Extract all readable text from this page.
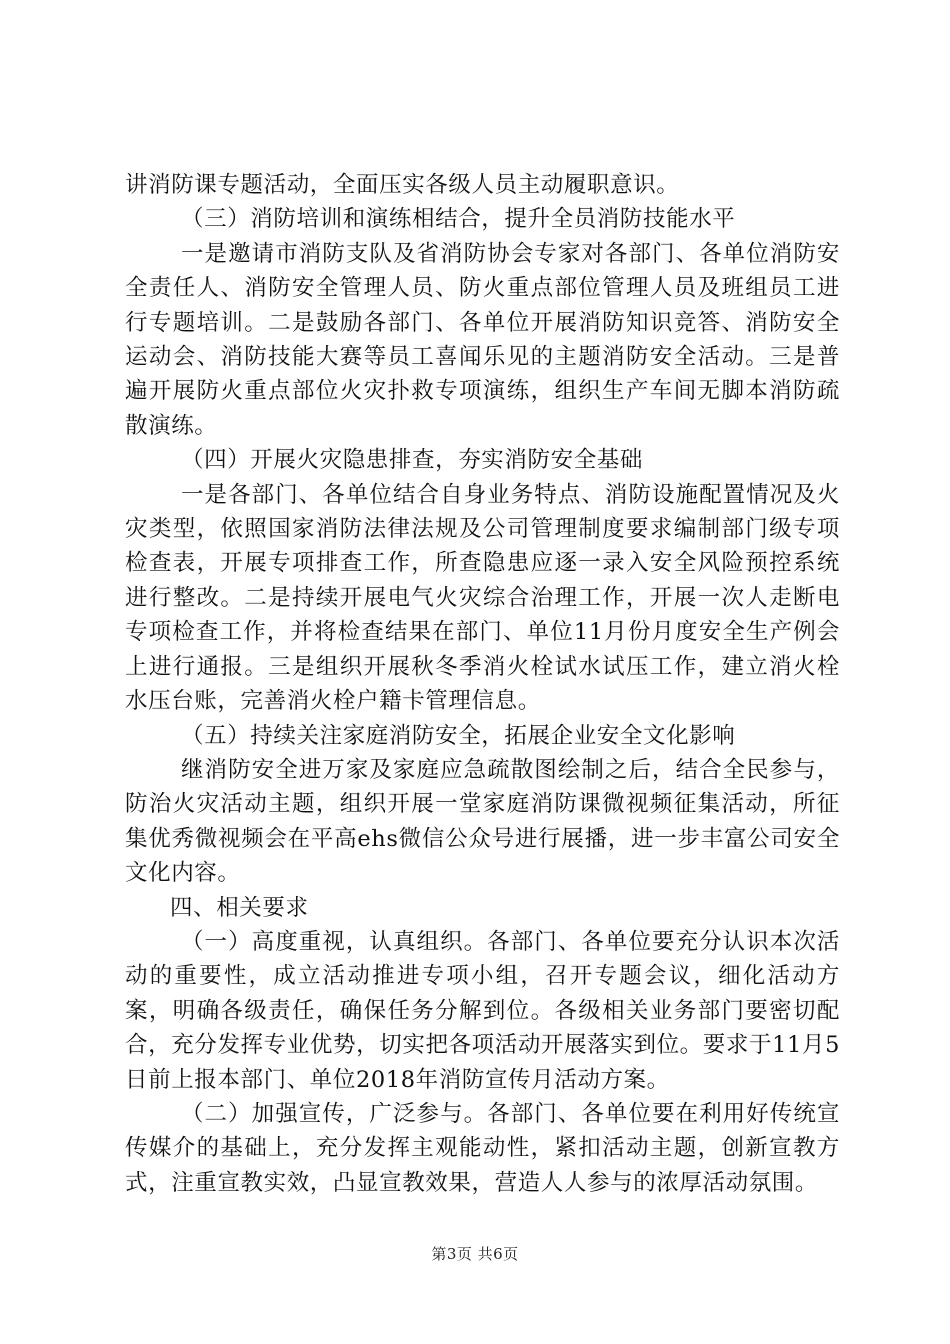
讲消防课专题活动，全面压实各级人员主动履职意识。

（三）消防培训和演练相结合，提升全员消防技能水平

一是邀请市消防支队及省消防协会专家对各部门、各单位消防安全责任人、消防安全管理人员、防火重点部位管理人员及班组员工进行专题培训。二是鼓励各部门、各单位开展消防知识竞答、消防安全运动会、消防技能大赛等员工喜闻乐见的主题消防安全活动。三是普遍开展防火重点部位火灾扑救专项演练，组织生产车间无脚本消防疏散演练。

（四）开展火灾隐患排查，夯实消防安全基础

一是各部门、各单位结合自身业务特点、消防设施配置情况及火灾类型，依照国家消防法律法规及公司管理制度要求编制部门级专项检查表，开展专项排查工作，所查隐患应逐一录入安全风险预控系统进行整改。二是持续开展电气火灾综合治理工作，开展一次人走断电专项检查工作，并将检查结果在部门、单位11月份月度安全生产例会上进行通报。三是组织开展秋冬季消火栓试水试压工作，建立消火栓水压台账，完善消火栓户籍卡管理信息。

（五）持续关注家庭消防安全，拓展企业安全文化影响

继消防安全进万家及家庭应急疏散图绘制之后，结合全民参与，防治火灾活动主题，组织开展一堂家庭消防课微视频征集活动，所征集优秀微视频会在平高ehs微信公众号进行展播，进一步丰富公司安全文化内容。

四、相关要求

（一）高度重视，认真组织。各部门、各单位要充分认识本次活动的重要性，成立活动推进专项小组，召开专题会议，细化活动方案，明确各级责任，确保任务分解到位。各级相关业务部门要密切配合，充分发挥专业优势，切实把各项活动开展落实到位。要求于11月5日前上报本部门、单位2018年消防宣传月活动方案。

（二）加强宣传，广泛参与。各部门、各单位要在利用好传统宣传媒介的基础上，充分发挥主观能动性，紧扣活动主题，创新宣教方式，注重宣教实效，凸显宣教效果，营造人人参与的浓厚活动氛围。

第3页 共6页
